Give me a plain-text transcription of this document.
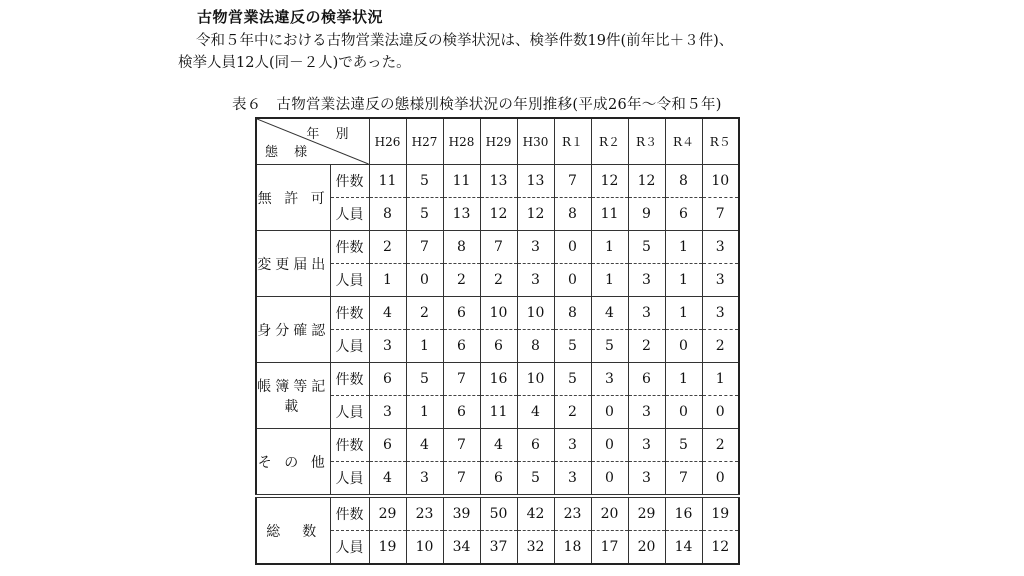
古物営業法違反の検挙状況
令和５年中における古物営業法違反の検挙状況は、検挙件数19件(前年比＋３件)、
検挙人員12人(同－２人)であった。
表６　古物営業法違反の態様別検挙状況の年別推移(平成26年～令和５年)
年 別
態 様		H26	H27	H28	H29	H30	R１	R２	R３	R４	R５
無 許 可	件数	11	5	11	13	13	7	12	12	8	10
	人員	8	5	13	12	12	8	11	9	6	7
変更届出	件数	2	7	8	7	3	0	1	5	1	3
	人員	1	0	2	2	3	0	1	3	1	3
身分確認	件数	4	2	6	10	10	8	4	3	1	3
	人員	3	1	6	6	8	5	5	2	0	2
帳簿等記載	件数	6	5	7	16	10	5	3	6	1	1
	人員	3	1	6	11	4	2	0	3	0	0
そ の 他	件数	6	4	7	4	6	3	0	3	5	2
	人員	4	3	7	6	5	3	0	3	7	0
総　数	件数	29	23	39	50	42	23	20	29	16	19
	人員	19	10	34	37	32	18	17	20	14	12
